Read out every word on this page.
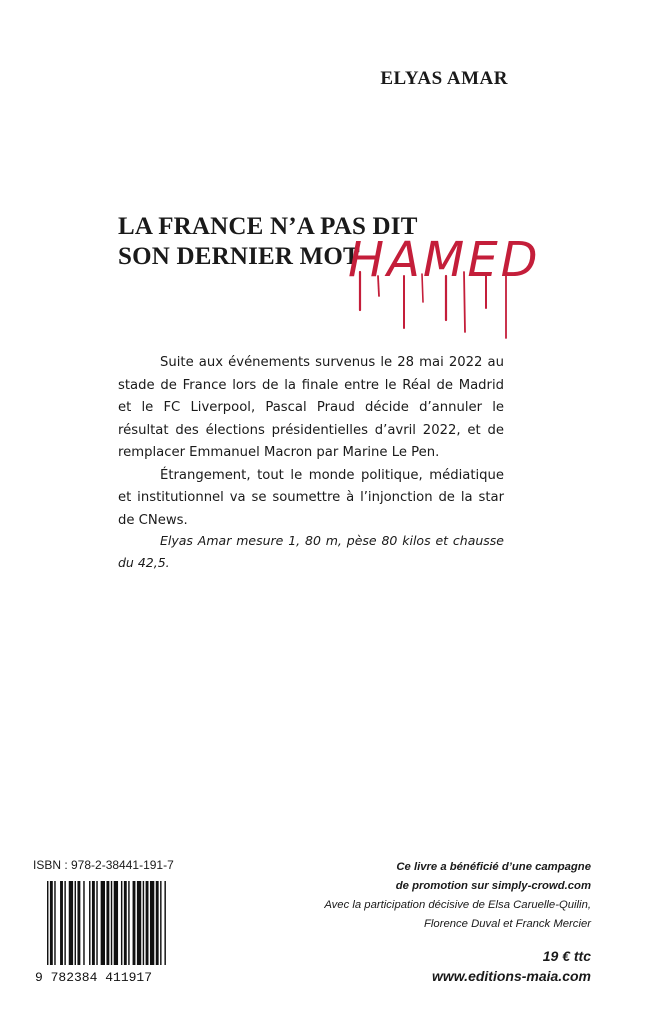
ELYAS AMAR
LA FRANCE N’A PAS DIT
SON DERNIER MOT
HAMED

Suite aux événements survenus le 28 mai 2022 au stade de France lors de la finale entre le Réal de Madrid et le FC Liverpool, Pascal Praud décide d’annuler le résultat des élections présidentielles d’avril 2022, et de remplacer Emmanuel Macron par Marine Le Pen.

Étrangement, tout le monde politique, médiatique et institutionnel va se soumettre à l’injonction de la star de CNews.

Elyas Amar mesure 1, 80 m, pèse 80 kilos et chausse du 42,5.
ISBN : 978-2-38441-191-7
9 782384 411917
Ce livre a bénéficié d’une campagne
de promotion sur simply-crowd.com
Avec la participation décisive de Elsa Caruelle-Quilin,
Florence Duval et Franck Mercier
19 € ttc
www.editions-maia.com
